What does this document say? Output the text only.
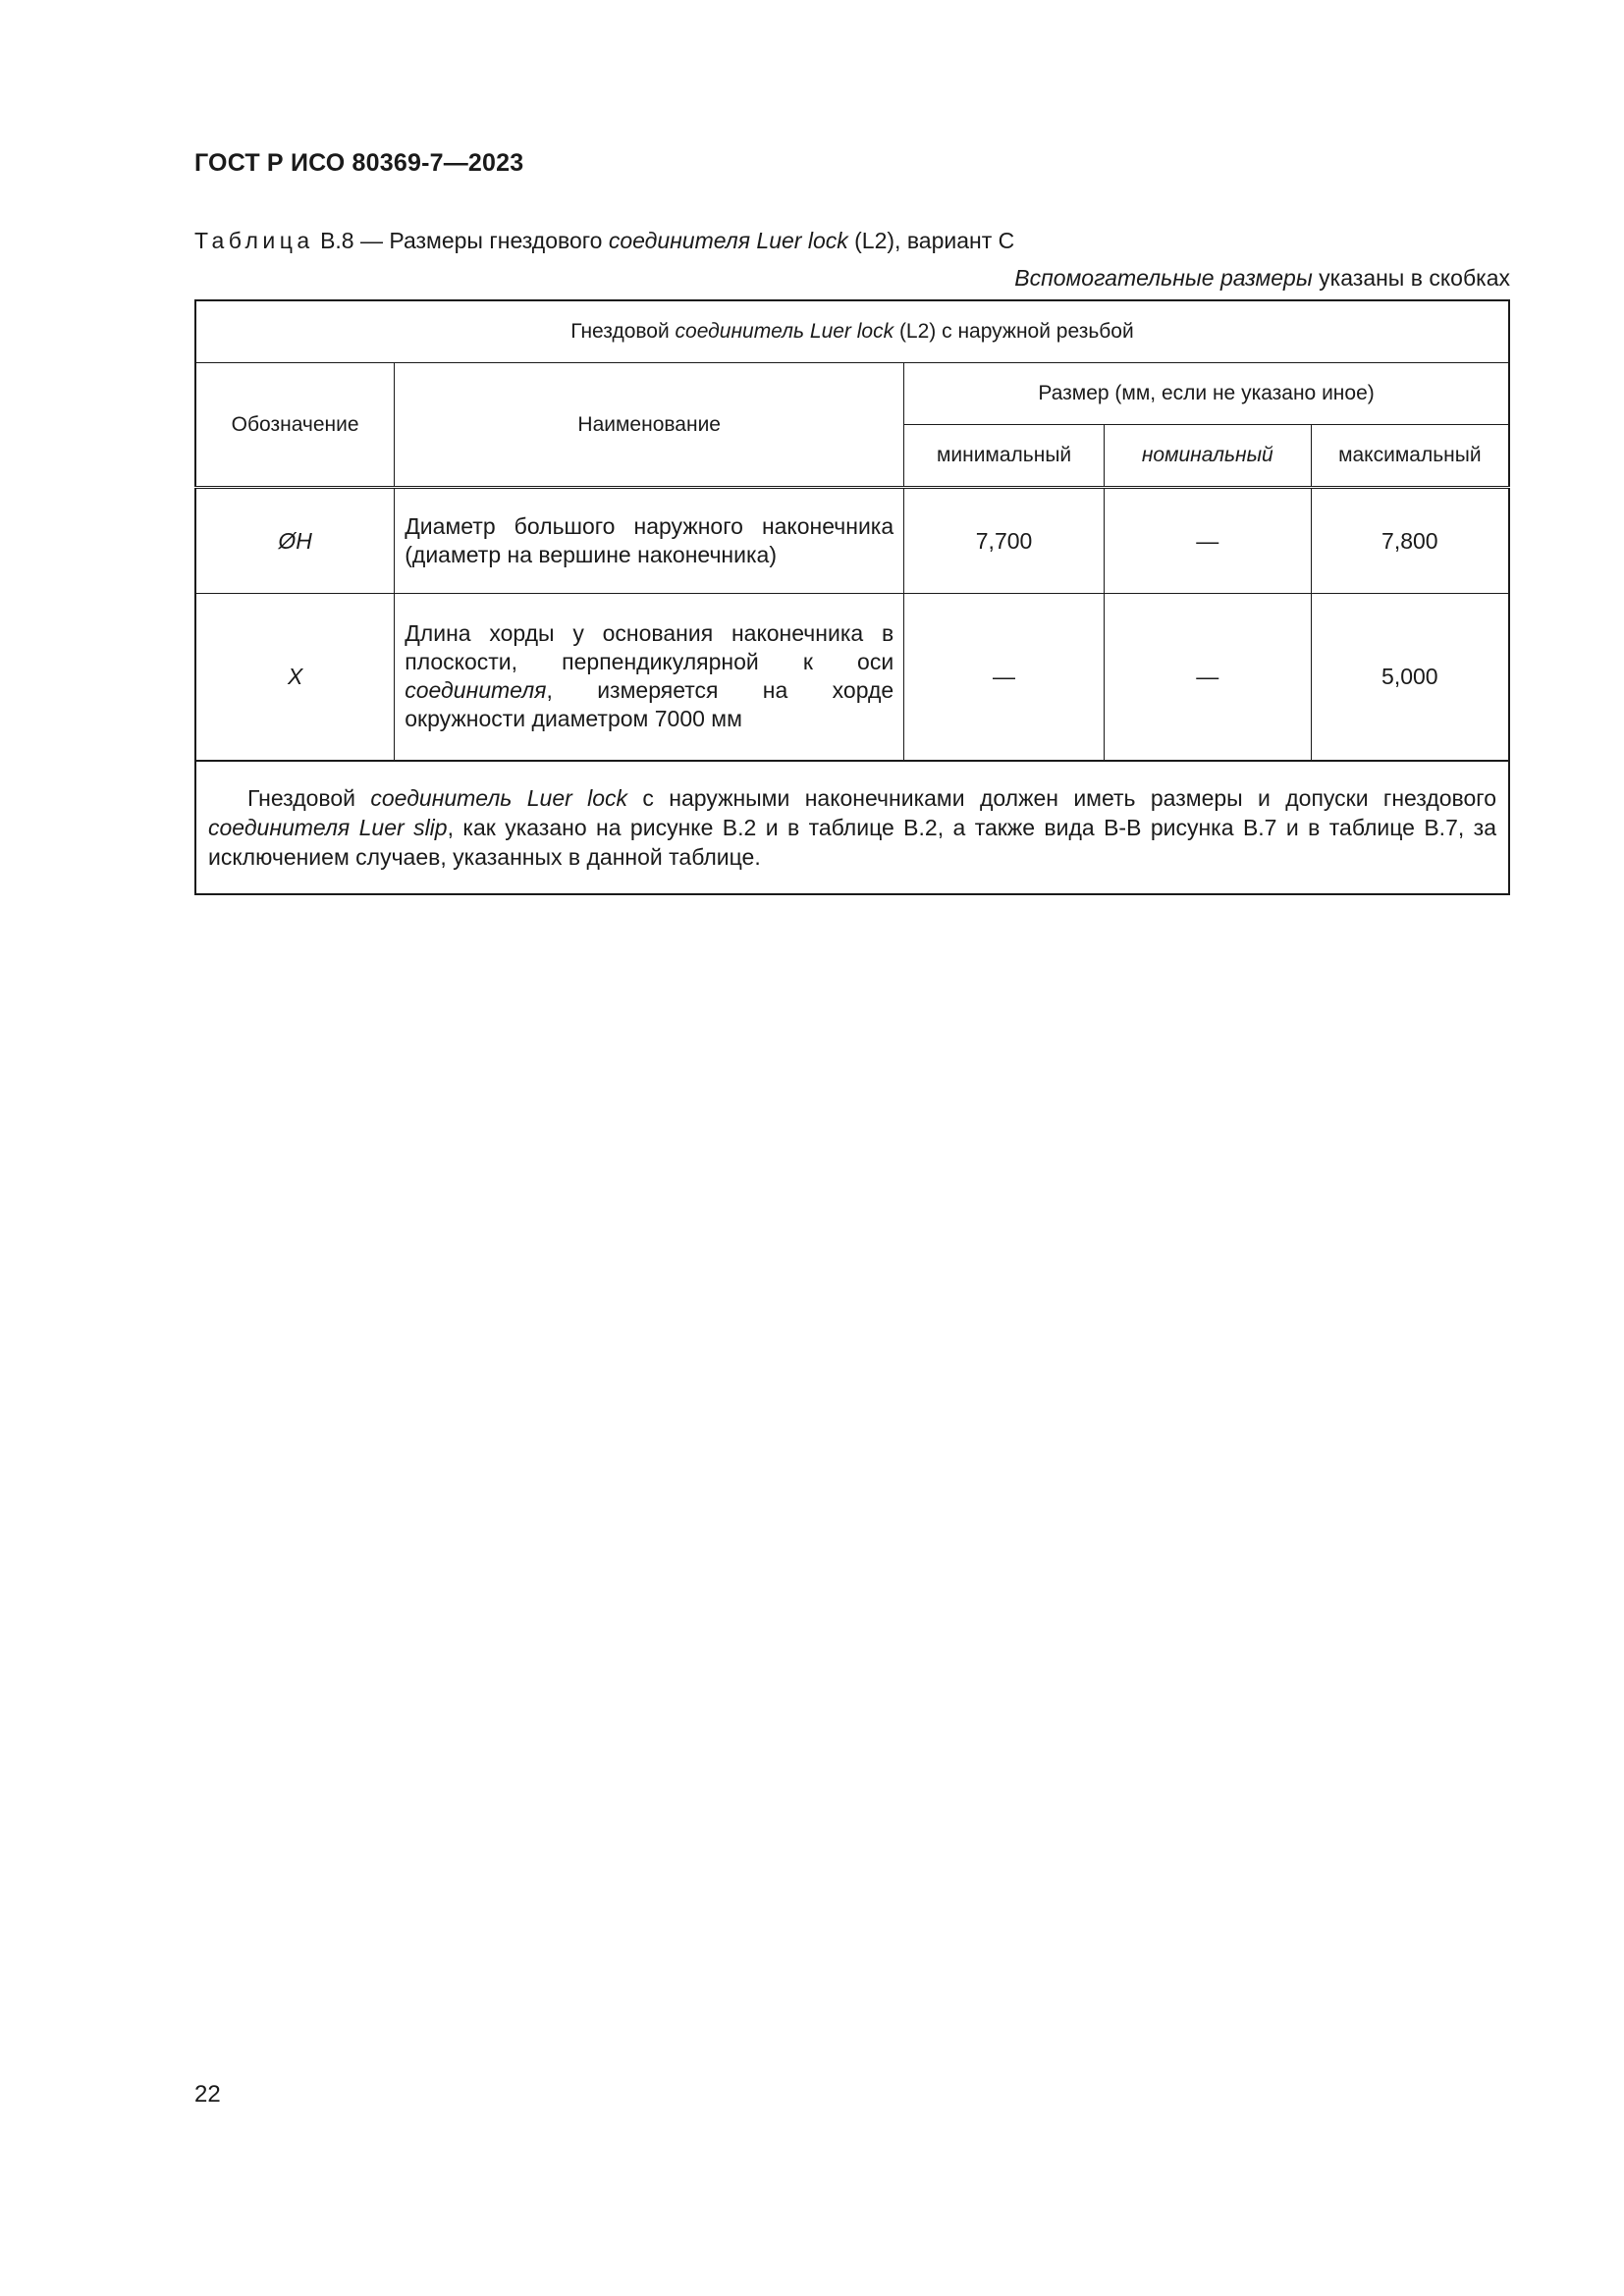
ГОСТ Р ИСО 80369-7—2023
Таблица В.8 — Размеры гнездового соединителя Luer lock (L2), вариант С
Вспомогательные размеры указаны в скобках
Гнездовой соединитель Luer lock (L2) с наружной резьбой				
Обозначение	Наименование	Размер (мм, если не указано иное)		
		минимальный	номинальный	максимальный
ØH	Диаметр большого наружного наконечника (диаметр на вершине наконечника)	7,700	—	7,800
X	Длина хорды у основания наконечника в плоскости, перпендикулярной к оси соединителя, измеряется на хорде окружности диаметром 7000 мм	—	—	5,000
Гнездовой соединитель Luer lock с наружными наконечниками должен иметь размеры и допуски гнездового соединителя Luer slip, как указано на рисунке В.2 и в таблице В.2, а также вида В-В рисунка В.7 и в таблице В.7, за исключением случаев, указанных в данной таблице.				
22
